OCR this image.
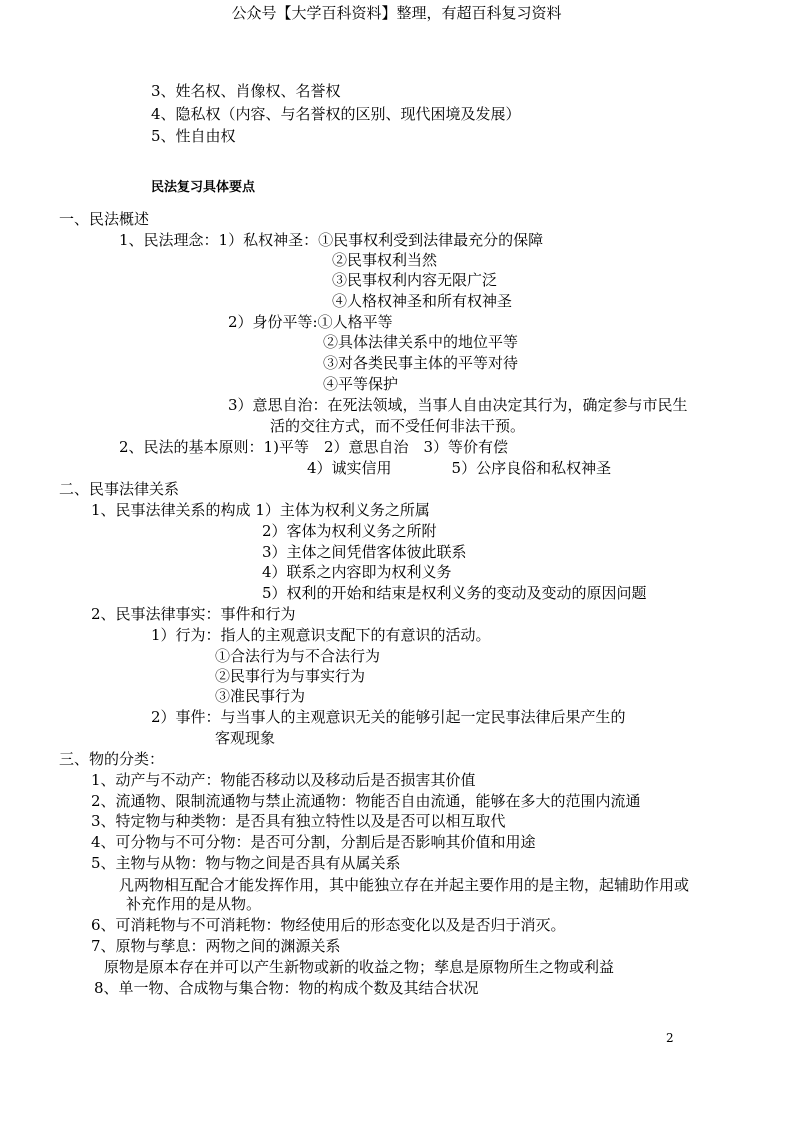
公众号【大学百科资料】整理，有超百科复习资料
3、姓名权、肖像权、名誉权
4、隐私权（内容、与名誉权的区别、现代困境及发展）
5、性自由权
民法复习具体要点
一、民法概述
1、民法理念：1）私权神圣：①民事权利受到法律最充分的保障
②民事权利当然
③民事权利内容无限广泛
④人格权神圣和所有权神圣
2）身份平等:①人格平等
②具体法律关系中的地位平等
③对各类民事主体的平等对待
④平等保护
3）意思自治：在死法领域，当事人自由决定其行为，确定参与市民生
活的交往方式，而不受任何非法干预。
2、民法的基本原则：1)平等　2）意思自治　3）等价有偿
4）诚实信用　　　　5）公序良俗和私权神圣
二、民事法律关系
1、民事法律关系的构成 1）主体为权利义务之所属
2）客体为权利义务之所附
3）主体之间凭借客体彼此联系
4）联系之内容即为权利义务
5）权利的开始和结束是权利义务的变动及变动的原因问题
2、民事法律事实：事件和行为
1）行为：指人的主观意识支配下的有意识的活动。
①合法行为与不合法行为
②民事行为与事实行为
③准民事行为
2）事件：与当事人的主观意识无关的能够引起一定民事法律后果产生的
客观现象
三、物的分类：
1、动产与不动产：物能否移动以及移动后是否损害其价值
2、流通物、限制流通物与禁止流通物：物能否自由流通，能够在多大的范围内流通
3、特定物与种类物：是否具有独立特性以及是否可以相互取代
4、可分物与不可分物：是否可分割，分割后是否影响其价值和用途
5、主物与从物：物与物之间是否具有从属关系
凡两物相互配合才能发挥作用，其中能独立存在并起主要作用的是主物，起辅助作用或
补充作用的是从物。
6、可消耗物与不可消耗物：物经使用后的形态变化以及是否归于消灭。
7、原物与孳息：两物之间的渊源关系
原物是原本存在并可以产生新物或新的收益之物；孳息是原物所生之物或利益
8、单一物、合成物与集合物：物的构成个数及其结合状况
2
